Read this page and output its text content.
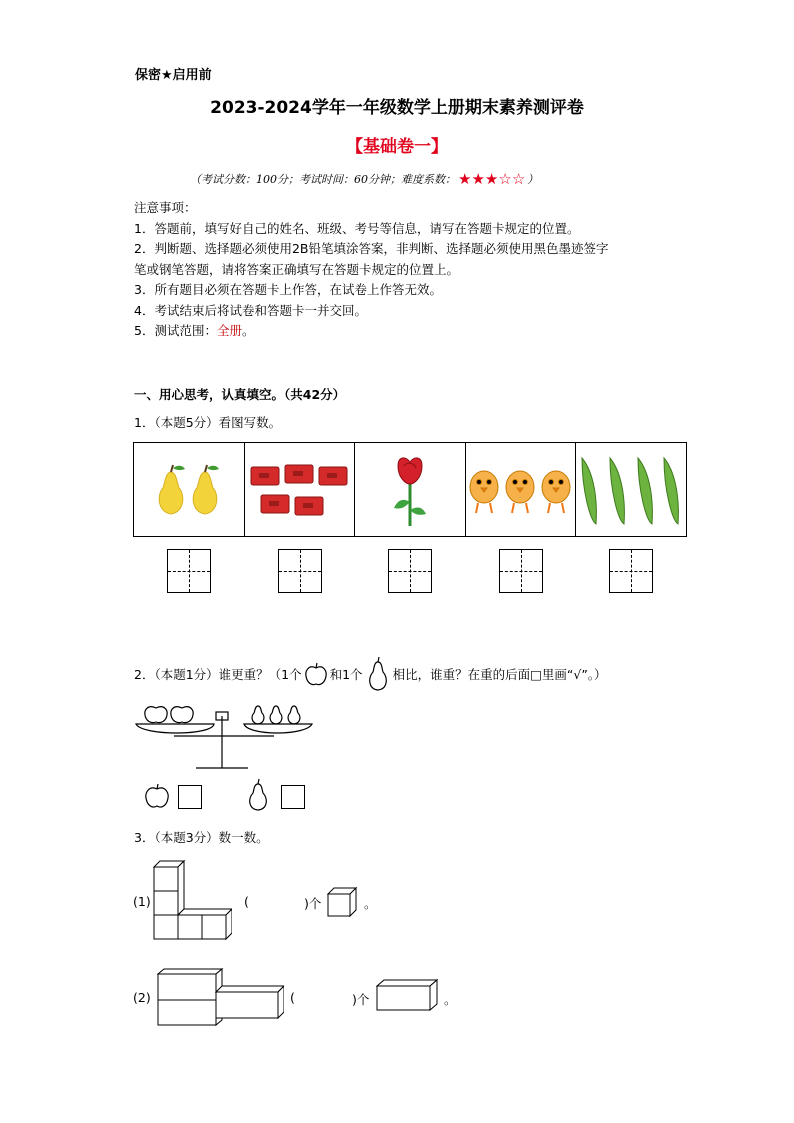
保密★启用前
2023-2024学年一年级数学上册期末素养测评卷
【基础卷一】
（考试分数：100分；考试时间：60分钟；难度系数： ★ ★ ★ ☆ ☆ ）
注意事项：
1．答题前，填写好自己的姓名、班级、考号等信息，请写在答题卡规定的位置。
2．判断题、选择题必须使用2B铅笔填涂答案，非判断、选择题必须使用黑色墨迹签字
笔或钢笔答题，请将答案正确填写在答题卡规定的位置上。
3．所有题目必须在答题卡上作答，在试卷上作答无效。
4．考试结束后将试卷和答题卡一并交回。
5．测试范围：全册。
一、用心思考，认真填空。（共42分）
1．（本题5分）看图写数。
2．（本题1分）谁更重？（1个 和1个 相比，谁重？在重的后面□里画“√”。）
3．（本题3分）数一数。
(1)	(	)个	。
(2)	(	)个	。
